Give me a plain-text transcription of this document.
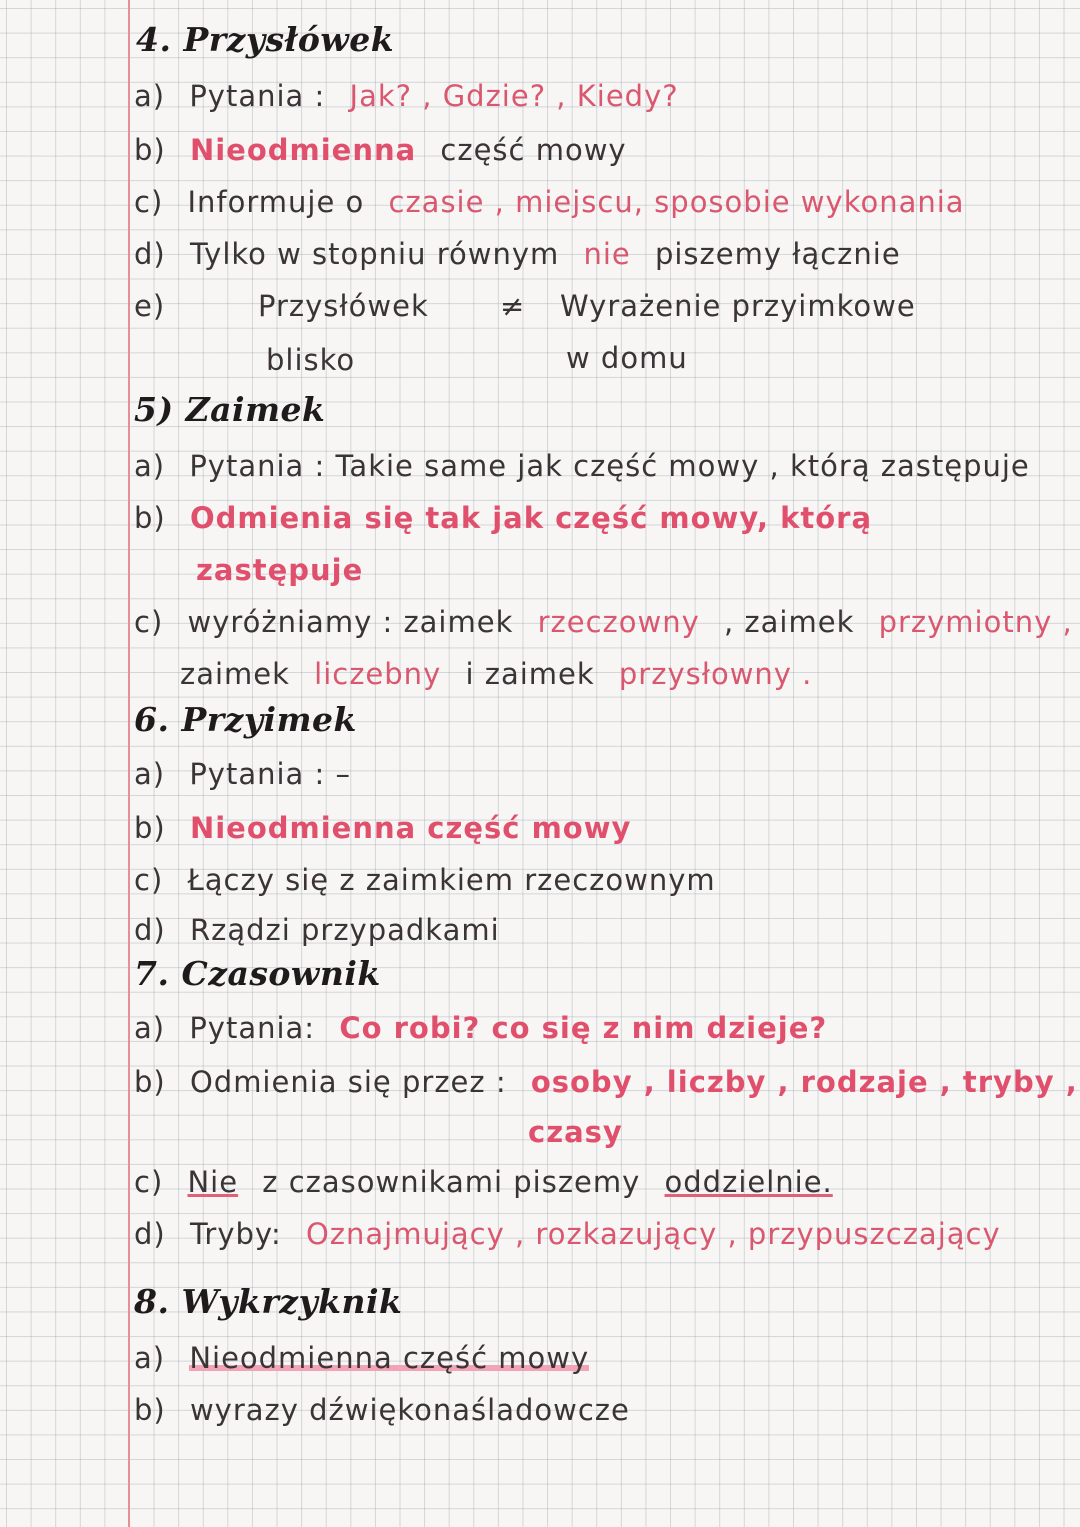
4. Przysłówek
a) Pytania : Jak? , Gdzie? , Kiedy?
b) Nieodmienna część mowy
c) Informuje o czasie , miejscu, sposobie wykonania
d) Tylko w stopniu równym nie piszemy łącznie
e)	Przysłówek ≠ Wyrażenie przyimkowe
blisko	w domu
5) Zaimek
a) Pytania : Takie same jak część mowy , którą zastępuje
b) Odmienia się tak jak część mowy, którą
zastępuje
c) wyróżniamy : zaimek rzeczowny , zaimek przymiotny ,
zaimek liczebny i zaimek przysłowny .
6. Przyimek
a) Pytania : –
b) Nieodmienna część mowy
c) Łączy się z zaimkiem rzeczownym
d) Rządzi przypadkami
7. Czasownik
a) Pytania: Co robi? co się z nim dzieje?
b) Odmienia się przez : osoby , liczby , rodzaje , tryby ,
czasy
c) Nie z czasownikami piszemy oddzielnie.
d) Tryby: Oznajmujący , rozkazujący , przypuszczający
8. Wykrzyknik
a) Nieodmienna część mowy
b) wyrazy dźwiękonaśladowcze
